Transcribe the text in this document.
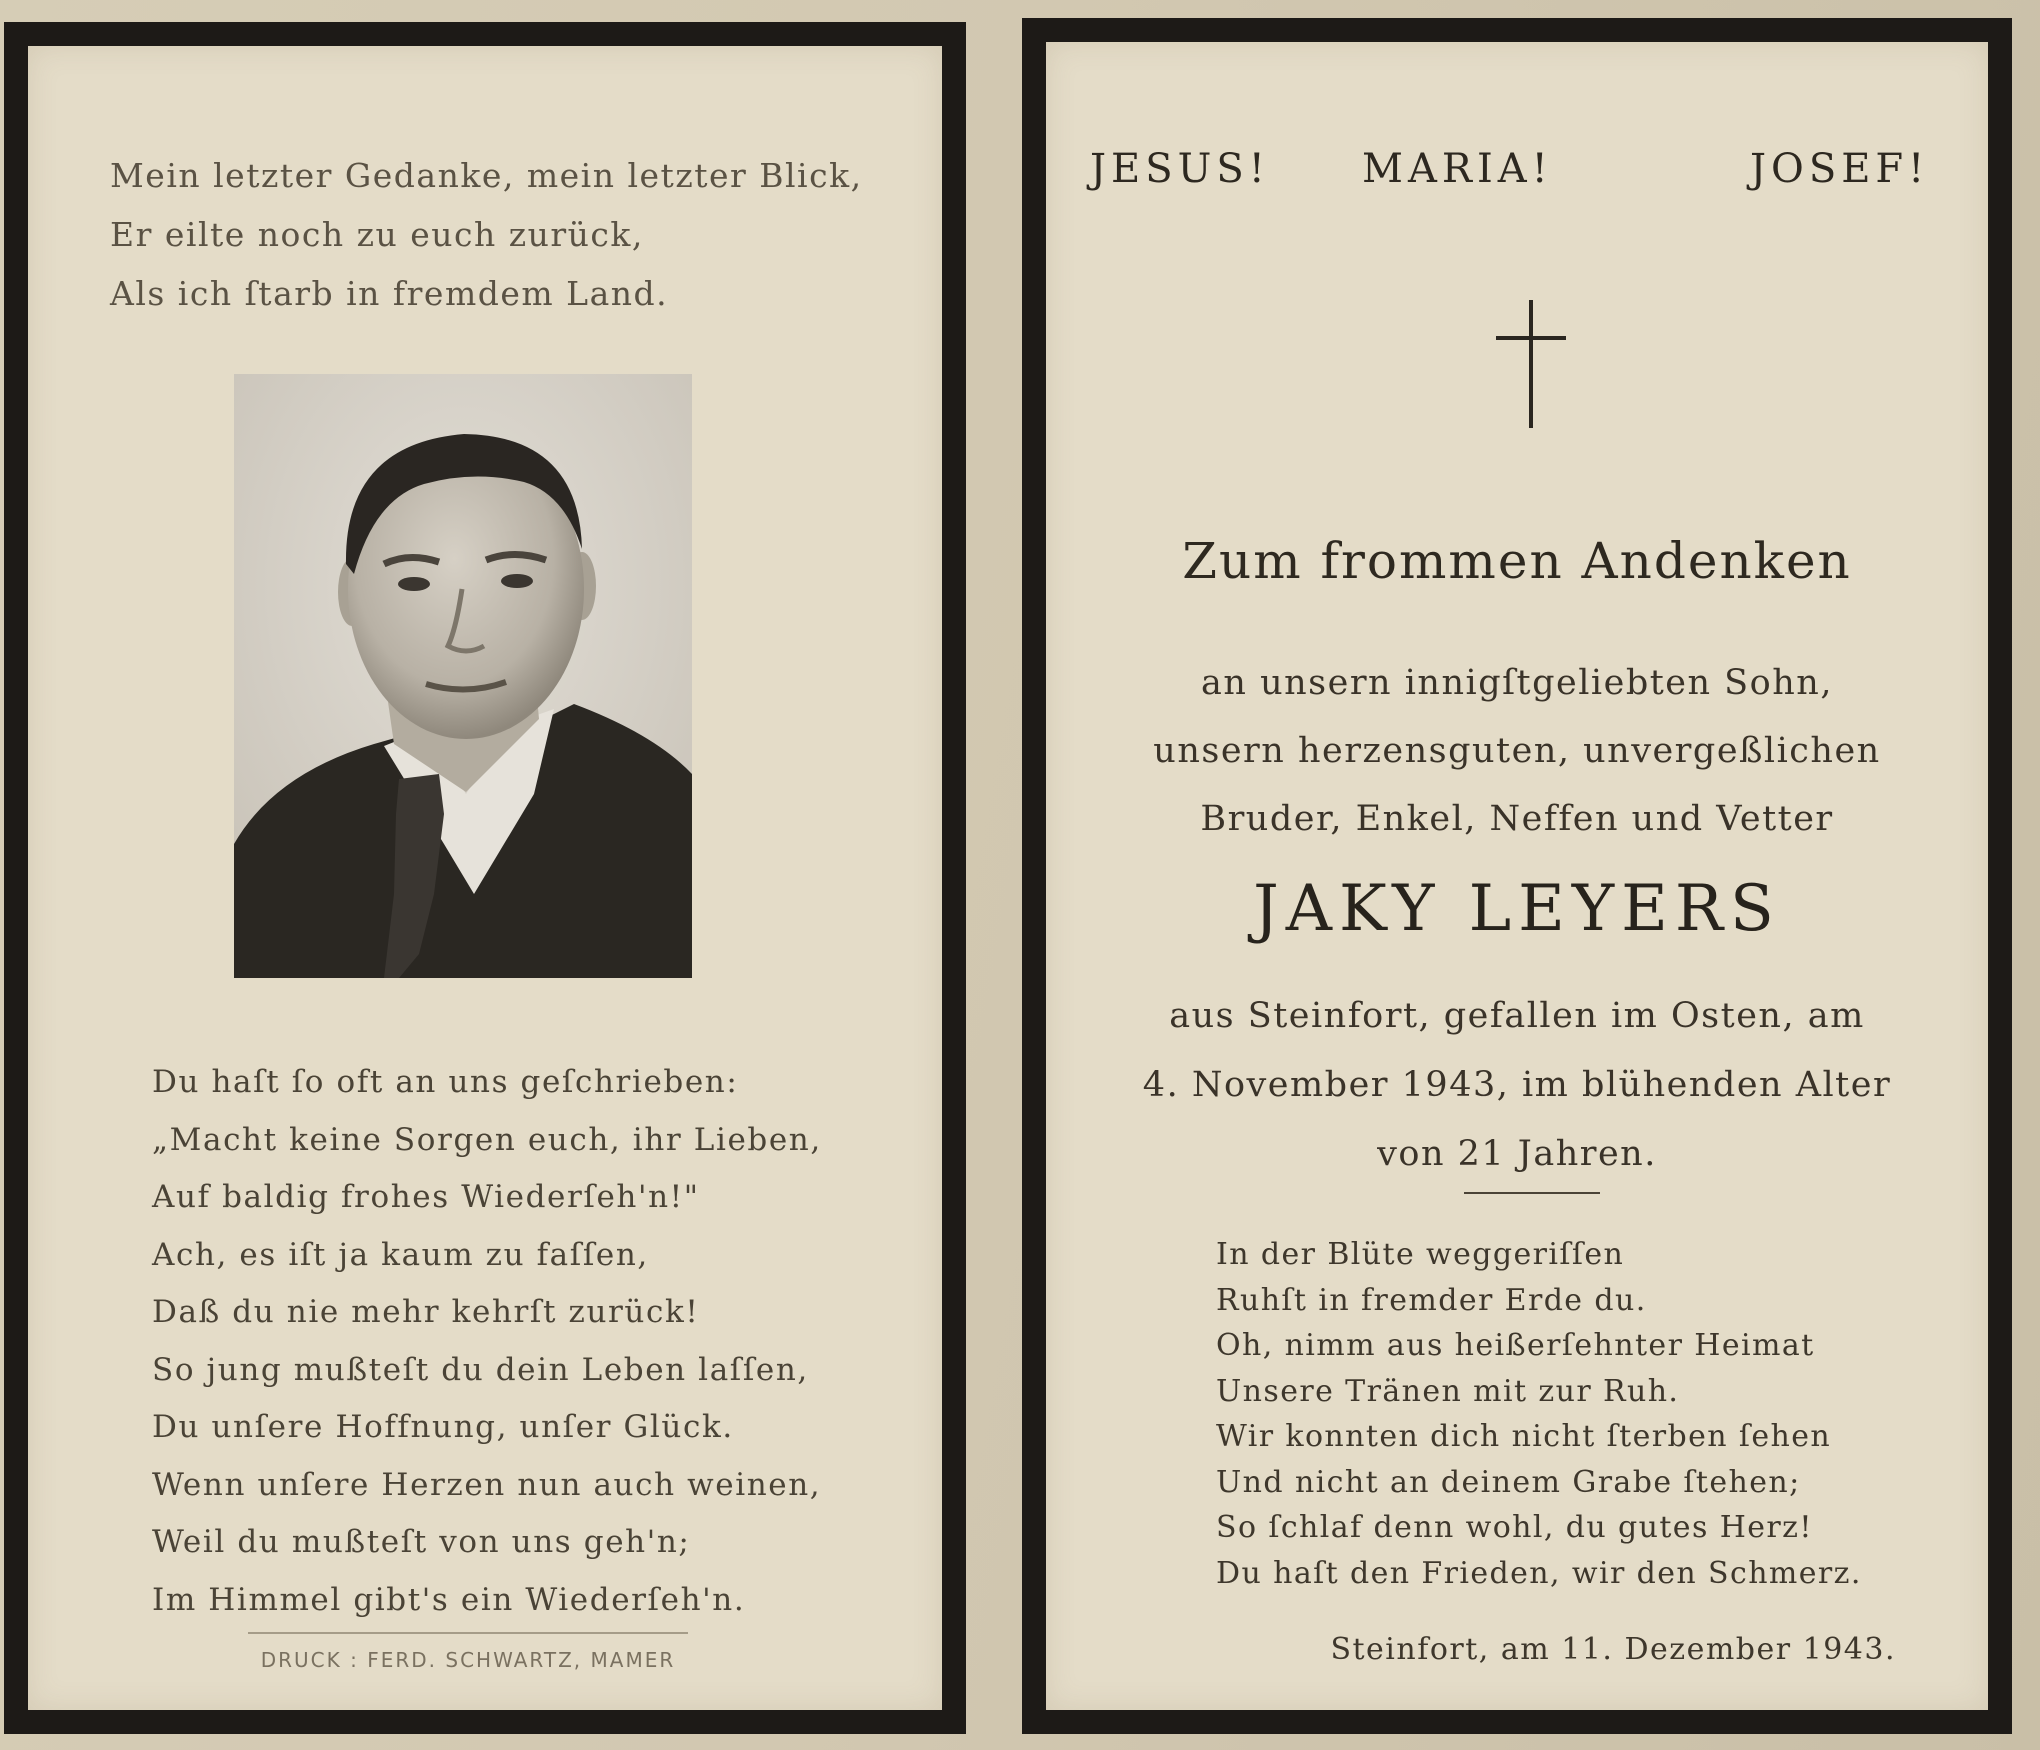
Mein letzter Gedanke, mein letzter Blick,
Er eilte noch zu euch zurück,
Als ich ſtarb in fremdem Land.
Du haſt ſo oft an uns geſchrieben:
„Macht keine Sorgen euch, ihr Lieben,
Auf baldig frohes Wiederſeh'n!"
Ach, es iſt ja kaum zu faſſen,
Daß du nie mehr kehrſt zurück!
So jung mußteſt du dein Leben laſſen,
Du unſere Hoffnung, unſer Glück.
Wenn unſere Herzen nun auch weinen,
Weil du mußteſt von uns geh'n;
Im Himmel gibt's ein Wiederſeh'n.
DRUCK : FERD. SCHWARTZ, MAMER
JESUS! MARIA!	JOSEF!
Zum frommen Andenken
an unsern innigſtgeliebten Sohn,
unsern herzensguten, unvergeßlichen
Bruder, Enkel, Neffen und Vetter
JAKY LEYERS
aus Steinfort, gefallen im Osten, am
4. November 1943, im blühenden Alter
von 21 Jahren.
In der Blüte weggeriſſen
Ruhſt in fremder Erde du.
Oh, nimm aus heißerſehnter Heimat
Unsere Tränen mit zur Ruh.
Wir konnten dich nicht ſterben ſehen
Und nicht an deinem Grabe ſtehen;
So ſchlaf denn wohl, du gutes Herz!
Du haſt den Frieden, wir den Schmerz.
Steinfort, am 11. Dezember 1943.
